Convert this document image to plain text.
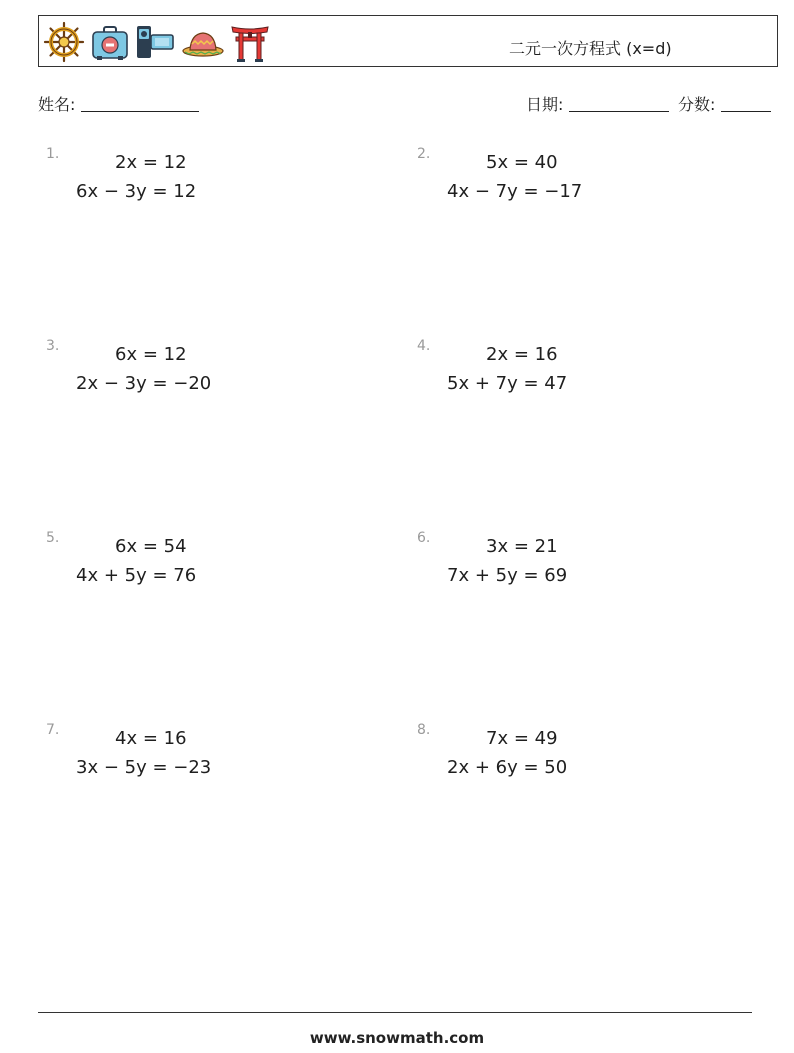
二元一次方程式 (x=d)
姓名:	日期:	分数:
1.	2x = 12
6x − 3y = 12
2.	5x = 40
4x − 7y = −17
3.	6x = 12
2x − 3y = −20
4.	2x = 16
5x + 7y = 47
5.	6x = 54
4x + 5y = 76
6.	3x = 21
7x + 5y = 69
7.	4x = 16
3x − 5y = −23
8.	7x = 49
2x + 6y = 50
www.snowmath.com
